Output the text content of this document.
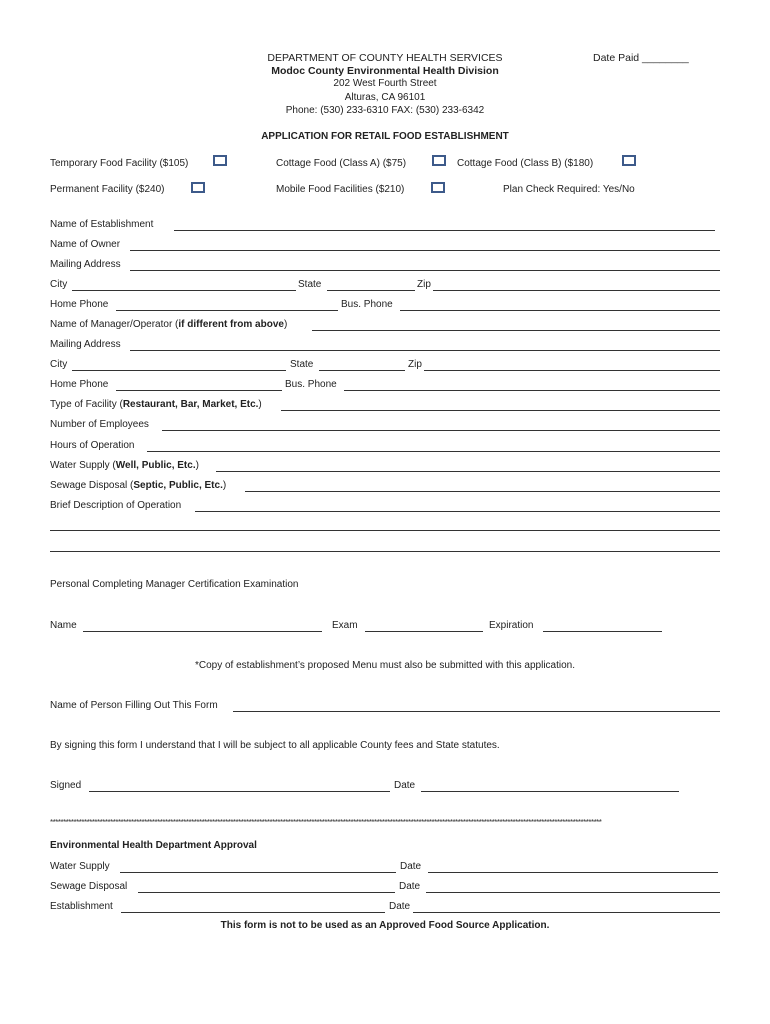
DEPARTMENT OF COUNTY HEALTH SERVICES
Modoc County Environmental Health Division
202 West Fourth Street
Alturas, CA 96101
Phone: (530) 233-6310 FAX: (530) 233-6342
Date Paid ________
APPLICATION FOR RETAIL FOOD ESTABLISHMENT
Temporary Food Facility ($105)	Cottage Food (Class A) ($75)	Cottage Food (Class B) ($180)
Permanent Facility ($240)	Mobile Food Facilities ($210)	Plan Check Required: Yes/No
Name of Establishment
Name of Owner
Mailing Address
City	State	Zip
Home Phone	Bus. Phone
Name of Manager/Operator (if different from above)
Mailing Address
City	State	Zip
Home Phone	Bus. Phone
Type of Facility (Restaurant, Bar, Market, Etc.)
Number of Employees
Hours of Operation
Water Supply (Well, Public, Etc.)
Sewage Disposal (Septic, Public, Etc.)
Brief Description of Operation
Personal Completing Manager Certification Examination
Name	Exam	Expiration
*Copy of establishment’s proposed Menu must also be submitted with this application.
Name of Person Filling Out This Form
By signing this form I understand that I will be subject to all applicable County fees and State statutes.
Signed	Date
*******************************************************************************************************************************************************************************************************************
Environmental Health Department Approval
Water Supply	Date
Sewage Disposal	Date
Establishment	Date
This form is not to be used as an Approved Food Source Application.
